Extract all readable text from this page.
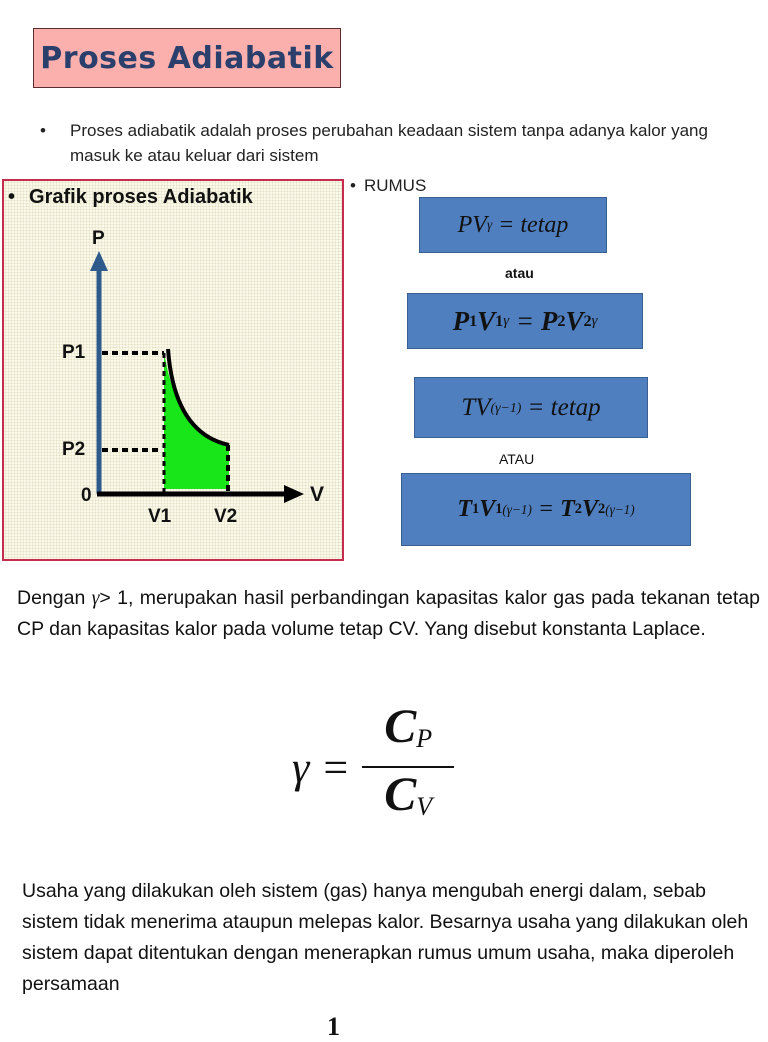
Proses Adiabatik
• Proses adiabatik adalah proses perubahan keadaan sistem tanpa adanya kalor yang masuk ke atau keluar dari sistem
• Grafik proses Adiabatik
P
V
P1
P2
0
V1 V2
• RUMUS
PV γ = tetap
atau
P 1 V 1 γ = P 2 V 2 γ
TV (γ−1) = tetap
ATAU
T 1 V 1 (γ−1) = T 2 V 2 (γ−1)
Dengan γ> 1, merupakan hasil perbandingan kapasitas kalor gas pada tekanan tetap CP dan kapasitas kalor pada volume tetap CV. Yang disebut konstanta Laplace.
$\gamma = \frac{C_P}{C_V}$
Usaha yang dilakukan oleh sistem (gas) hanya mengubah energi dalam, sebab sistem tidak menerima ataupun melepas kalor. Besarnya usaha yang dilakukan oleh sistem dapat ditentukan dengan menerapkan rumus umum usaha, maka diperoleh persamaan
1
